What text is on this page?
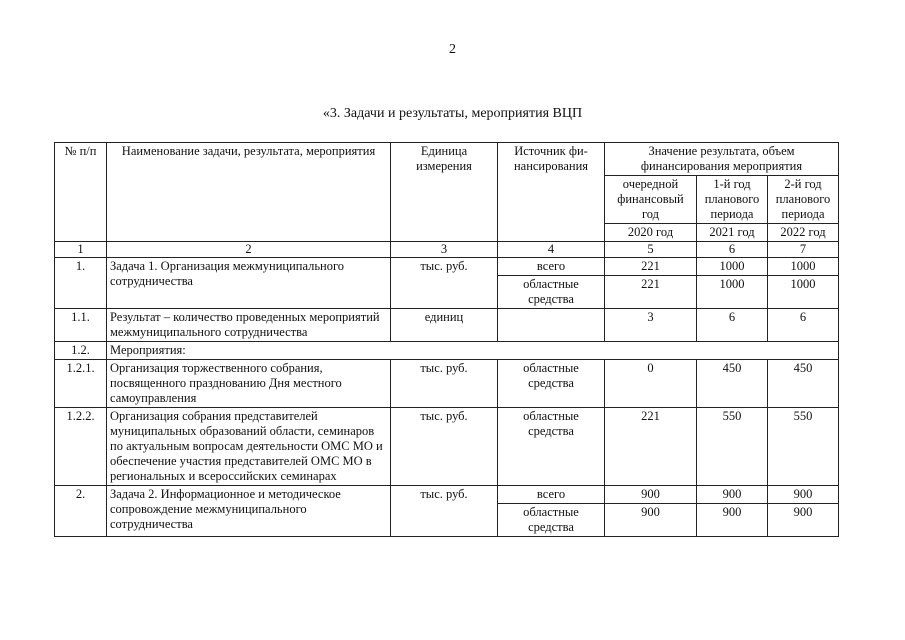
2
«3. Задачи и результаты, мероприятия ВЦП
№ п/п	Наименование задачи, результата, мероприятия	Единица измерения	Источник фи-нансирования	Значение результата, объем финансирования мероприятия		
				очередной финансовый год	1-й год планового периода	2-й год планового периода
				2020 год	2021 год	2022 год
1	2	3	4	5	6	7
1.	Задача 1. Организация межмуниципального сотрудничества	тыс. руб.	всего	221	1000	1000
			областные средства	221	1000	1000
1.1.	Результат – количество проведенных мероприятий межмуниципального сотрудничества	единиц		3	6	6
1.2.	Мероприятия:					
1.2.1.	Организация торжественного собрания, посвященного празднованию Дня местного самоуправления	тыс. руб.	областные средства	0	450	450
1.2.2.	Организация собрания представителей муниципальных образований области, семинаров по актуальным вопросам деятельности ОМС МО и обеспечение участия представителей ОМС МО в региональных и всероссийских семинарах	тыс. руб.	областные средства	221	550	550
2.	Задача 2. Информационное и методическое сопровождение межмуниципального сотрудничества	тыс. руб.	всего	900	900	900
			областные средства	900	900	900
